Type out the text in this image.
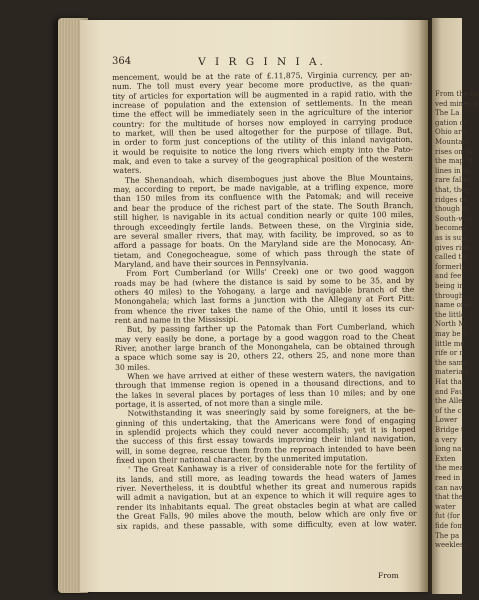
From the fal
ved mines o
The La
gation of
Ohio are
Mountain
rises on th
the map of
lines in th
rare fallin
that, they
ridges or
though m
South-wes
becomes
as is sup
gives rise
called th
formerly
and feet
being in
through
name one
the little
North M
may be t
little me
rife or n
the same
materials
Hat that
and Fau
the Alle
of the c
Lower
Bridge t
a very
long nar
Exten
the mea
reed in
can nav
that the
water
fut (for
fide fom
The pa
weekless
364	V I R G I N I A.
mencement, would be at the rate of £.11,875, Virginia currency, per an-
num. The toll must every year become more productive, as the quan-
tity of articles for exportation will be augmented in a rapid ratio, with the
increase of population and the extension of settlements. In the mean
time the effect will be immediately seen in the agriculture of the interior
country: for the multitude of horses now employed in carrying produce
to market, will then be used altogether for the purpose of tillage. But,
in order to form just conceptions of the utility of this inland navigation,
it would be requisite to notice the long rivers which empty into the Pato-
mak, and even to take a survey of the geographical position of the western
waters.
The Shenandoah, which disembogues just above the Blue Mountains,
may, according to report, be made navigable, at a trifling expence, more
than 150 miles from its confluence with the Patomak; and will receive
and bear the produce of the richest part of the state. The South Branch,
still higher, is navigable in its actual condition nearly or quite 100 miles,
through exceedingly fertile lands. Between these, on the Virginia side,
are several smaller rivers, that may, with facility, be improved, so as to
afford a passage for boats. On the Maryland side are the Monocasy, An-
tietam, and Conegocheague, some of which pass through the state of
Maryland, and have their sources in Pennsylvania.
From Fort Cumberland (or Wills' Creek) one or two good waggon
roads may be had (where the distance is said by some to be 35, and by
others 40 miles) to the Yohogany, a large and navigable branch of the
Monongahela; which last forms a junction with the Allegany at Fort Pitt:
from whence the river takes the name of the Ohio, until it loses its cur-
rent and name in the Mississipi.
But, by passing farther up the Patomak than Fort Cumberland, which
may very easily be done, a portage by a good waggon road to the Cheat
River, another large branch of the Monongahela, can be obtained through
a space which some say is 20, others 22, others 25, and none more than
30 miles.
When we have arrived at either of these western waters, the navigation
through that immense region is opened in a thousand directions, and to
the lakes in several places by portages of less than 10 miles; and by one
portage, it is asserted, of not more than a single mile.
Notwithstanding it was sneeringly said by some foreigners, at the be-
ginning of this undertaking, that the Americans were fond of engaging
in splendid projects which they could never accomplish; yet it is hoped
the success of this first essay towards improving their inland navigation,
will, in some degree, rescue them from the reproach intended to have been
fixed upon their national character, by the unmerited imputation.
' The Great Kanhaway is a river of considerable note for the fertility of
its lands, and still more, as leading towards the head waters of James
river. Nevertheless, it is doubtful whether its great and numerous rapids
will admit a navigation, but at an expence to which it will require ages to
render its inhabitants equal. The great obstacles begin at what are called
the Great Falls, 90 miles above the mouth, below which are only five or
six rapids, and these passable, with some difficulty, even at low water.
From
